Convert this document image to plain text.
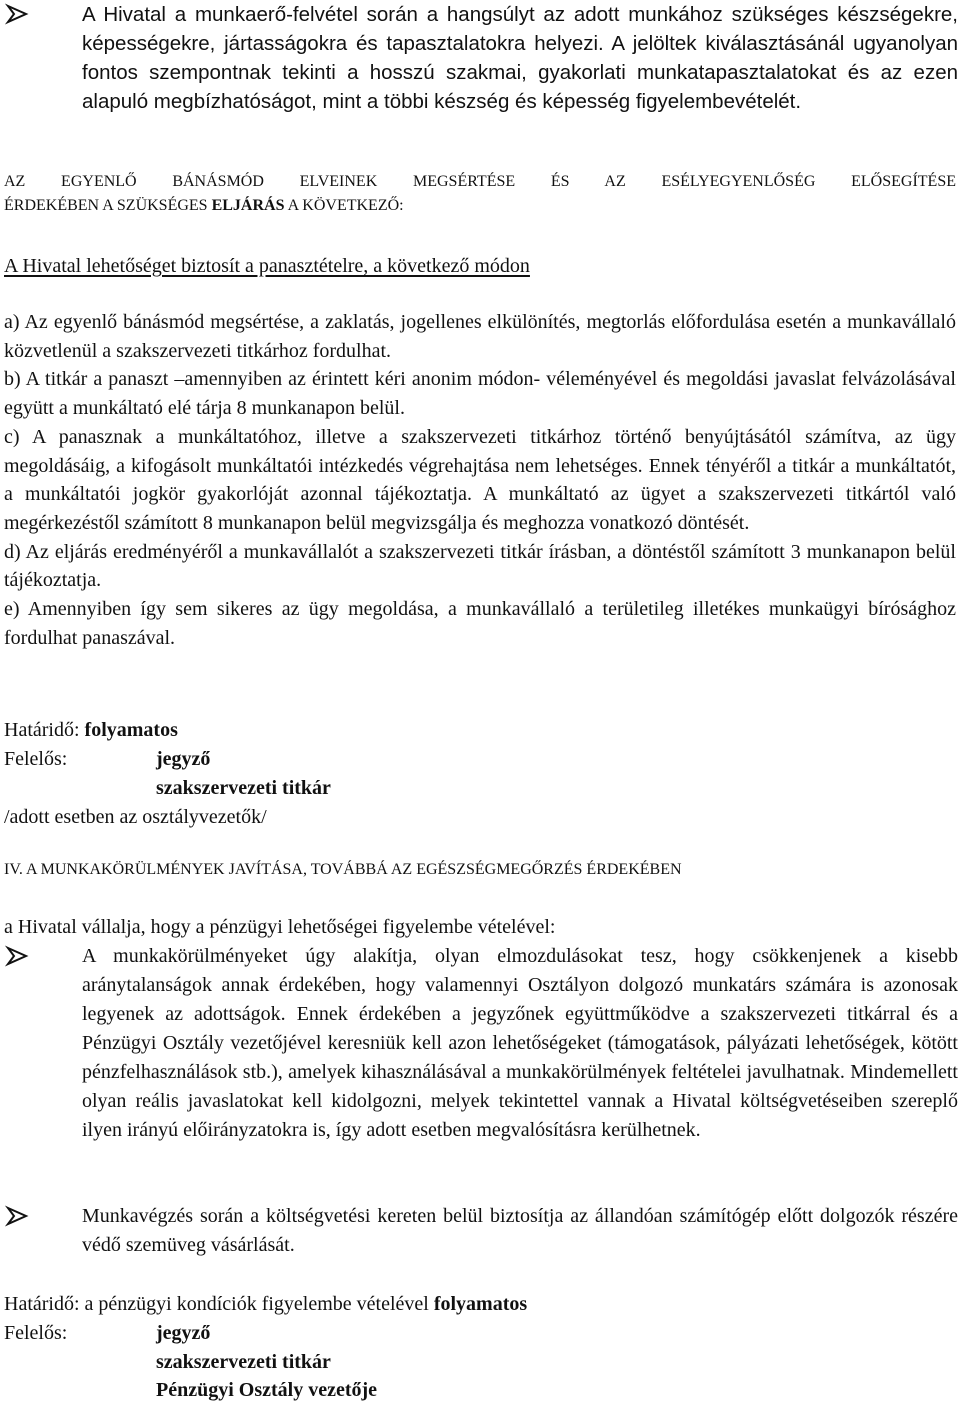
A Hivatal a munkaerő-felvétel során a hangsúlyt az adott munkához szükséges készségekre, képességekre, jártasságokra és tapasztalatokra helyezi. A jelöltek kiválasztásánál ugyanolyan fontos szempontnak tekinti a hosszú szakmai, gyakorlati munkatapasztalatokat és az ezen alapuló megbízhatóságot, mint a többi készség és képesség figyelembevételét.
AZ EGYENLŐ BÁNÁSMÓD ELVEINEK MEGSÉRTÉSE ÉS AZ ESÉLYEGYENLŐSÉG ELŐSEGÍTÉSE
ÉRDEKÉBEN A SZÜKSÉGES ELJÁRÁS A KÖVETKEZŐ:
A Hivatal lehetőséget biztosít a panasztételre, a következő módon

a) Az egyenlő bánásmód megsértése, a zaklatás, jogellenes elkülönítés, megtorlás előfordulása esetén a munkavállaló közvetlenül a szakszervezeti titkárhoz fordulhat.

b) A titkár a panaszt –amennyiben az érintett kéri anonim módon- véleményével és megoldási javaslat felvázolásával együtt a munkáltató elé tárja 8 munkanapon belül.

c) A panasznak a munkáltatóhoz, illetve a szakszervezeti titkárhoz történő benyújtásától számítva, az ügy megoldásáig, a kifogásolt munkáltatói intézkedés végrehajtása nem lehetséges. Ennek tényéről a titkár a munkáltatót, a munkáltatói jogkör gyakorlóját azonnal tájékoztatja. A munkáltató az ügyet a szakszervezeti titkártól való megérkezéstől számított 8 munkanapon belül megvizsgálja és meghozza vonatkozó döntését.

d) Az eljárás eredményéről a munkavállalót a szakszervezeti titkár írásban, a döntéstől számított 3 munkanapon belül tájékoztatja.

e) Amennyiben így sem sikeres az ügy megoldása, a munkavállaló a területileg illetékes munkaügyi bírósághoz fordulhat panaszával.

Határidő: folyamatos
Felelős:	jegyző
szakszervezeti titkár
/adott esetben az osztályvezetők/
IV. A MUNKAKÖRÜLMÉNYEK JAVÍTÁSA, TOVÁBBÁ AZ EGÉSZSÉGMEGŐRZÉS ÉRDEKÉBEN
a Hivatal vállalja, hogy a pénzügyi lehetőségei figyelembe vételével:
A munkakörülményeket úgy alakítja, olyan elmozdulásokat tesz, hogy csökkenjenek a kisebb aránytalanságok annak érdekében, hogy valamennyi Osztályon dolgozó munkatárs számára is azonosak legyenek az adottságok. Ennek érdekében a jegyzőnek együttműködve a szakszervezeti titkárral és a Pénzügyi Osztály vezetőjével keresniük kell azon lehetőségeket (támogatások, pályázati lehetőségek, kötött pénzfelhasználások stb.), amelyek kihasználásával a munkakörülmények feltételei javulhatnak. Mindemellett olyan reális javaslatokat kell kidolgozni, melyek tekintettel vannak a Hivatal költségvetéseiben szereplő ilyen irányú előirányzatokra is, így adott esetben megvalósításra kerülhetnek.
Munkavégzés során a költségvetési kereten belül biztosítja az állandóan számítógép előtt dolgozók részére védő szemüveg vásárlását.
Határidő: a pénzügyi kondíciók figyelembe vételével folyamatos
Felelős:	jegyző
szakszervezeti titkár
Pénzügyi Osztály vezetője
